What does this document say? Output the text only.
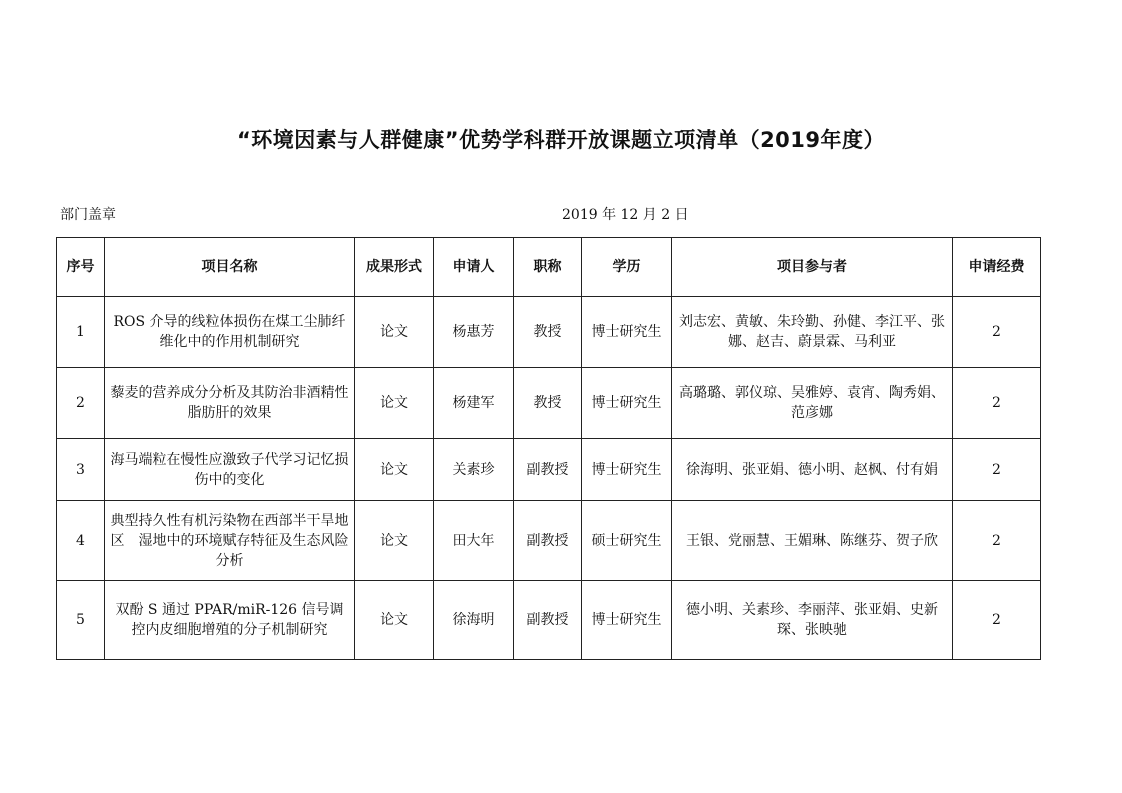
“环境因素与人群健康”优势学科群开放课题立项清单（2019年度）
部门盖章	2019 年 12 月 2 日
序号	项目名称	成果形式	申请人	职称	学历	项目参与者	申请经费
1	ROS 介导的线粒体损伤在煤工尘肺纤维化中的作用机制研究	论文	杨惠芳	教授	博士研究生	刘志宏、黄敏、朱玲勤、孙健、李江平、张娜、赵吉、蔚景霖、马利亚	2
2	藜麦的营养成分分析及其防治非酒精性脂肪肝的效果	论文	杨建军	教授	博士研究生	高璐璐、郭仪琼、吴雅婷、袁宵、陶秀娟、范彦娜	2
3	海马端粒在慢性应激致子代学习记忆损伤中的变化	论文	关素珍	副教授	博士研究生	徐海明、张亚娟、德小明、赵枫、付有娟	2
4	典型持久性有机污染物在西部半干旱地区　湿地中的环境赋存特征及生态风险分析	论文	田大年	副教授	硕士研究生	王银、党丽慧、王媚琳、陈继芬、贺子欣	2
5	双酚 S 通过 PPAR/miR-126 信号调控内皮细胞增殖的分子机制研究	论文	徐海明	副教授	博士研究生	德小明、关素珍、李丽萍、张亚娟、史新琛、张映驰	2
